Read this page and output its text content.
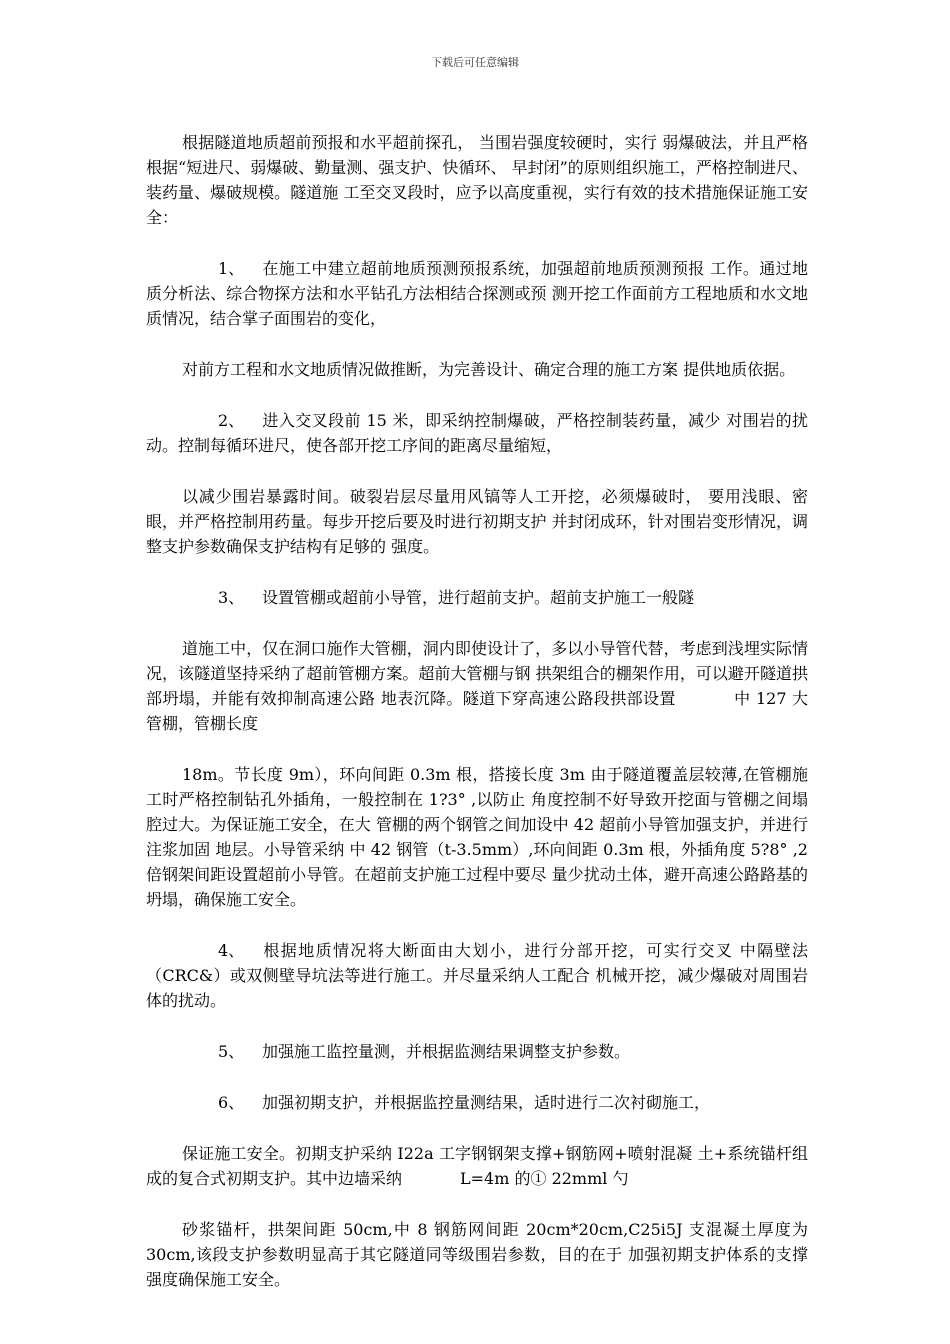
下载后可任意编辑

根据隧道地质超前预报和水平超前探孔， 当围岩强度较硬时，实行 弱爆破法，并且严格根据“短进尺、弱爆破、勤量测、强支护、快循环、 早封闭”的原则组织施工，严格控制进尺、装药量、爆破规模。隧道施 工至交叉段时，应予以高度重视，实行有效的技术措施保证施工安全：

1、 在施工中建立超前地质预测预报系统，加强超前地质预测预报 工作。通过地质分析法、综合物探方法和水平钻孔方法相结合探测或预 测开挖工作面前方工程地质和水文地质情况，结合掌子面围岩的变化，

对前方工程和水文地质情况做推断，为完善设计、确定合理的施工方案 提供地质依据。

2、 进入交叉段前 15 米，即采纳控制爆破，严格控制装药量，减少 对围岩的扰动。控制每循环进尺，使各部开挖工序间的距离尽量缩短，

以减少围岩暴露时间。破裂岩层尽量用风镐等人工开挖，必须爆破时， 要用浅眼、密眼，并严格控制用药量。每步开挖后要及时进行初期支护 并封闭成环，针对围岩变形情况，调整支护参数确保支护结构有足够的 强度。

3、 设置管棚或超前小导管，进行超前支护。超前支护施工一般隧

道施工中，仅在洞口施作大管棚，洞内即使设计了，多以小导管代替，考虑到浅埋实际情况，该隧道坚持采纳了超前管棚方案。超前大管棚与钢 拱架组合的棚架作用，可以避开隧道拱部坍塌，并能有效抑制高速公路 地表沉降。隧道下穿高速公路段拱部设置	中 127 大管棚，管棚长度

18m。节长度 9m），环向间距 0.3m 根，搭接长度 3m 由于隧道覆盖层较薄,在管棚施工时严格控制钻孔外插角，一般控制在 1?3° ,以防止 角度控制不好导致开挖面与管棚之间塌腔过大。为保证施工安全，在大 管棚的两个钢管之间加设中 42 超前小导管加强支护，并进行注浆加固 地层。小导管采纳 中 42 钢管（t-3.5mm）,环向间距 0.3m 根，外插角度 5?8° ,2 倍钢架间距设置超前小导管。在超前支护施工过程中要尽 量少扰动土体，避开高速公路路基的坍塌，确保施工安全。

4、 根据地质情况将大断面由大划小，进行分部开挖，可实行交叉 中隔壁法（CRC&）或双侧壁导坑法等进行施工。并尽量采纳人工配合 机械开挖，减少爆破对周围岩体的扰动。

5、 加强施工监控量测，并根据监测结果调整支护参数。

6、 加强初期支护，并根据监控量测结果，适时进行二次衬砌施工，

保证施工安全。初期支护采纳 I22a 工字钢钢架支撑+钢筋网+喷射混凝 土+系统锚杆组成的复合式初期支护。其中边墙采纳	L=4m 的① 22mml 勺

砂浆锚杆，拱架间距 50cm,中 8 钢筋网间距 20cm*20cm,C25i5J 支混凝土厚度为 30cm,该段支护参数明显高于其它隧道同等级围岩参数，目的在于 加强初期支护体系的支撑强度确保施工安全。
